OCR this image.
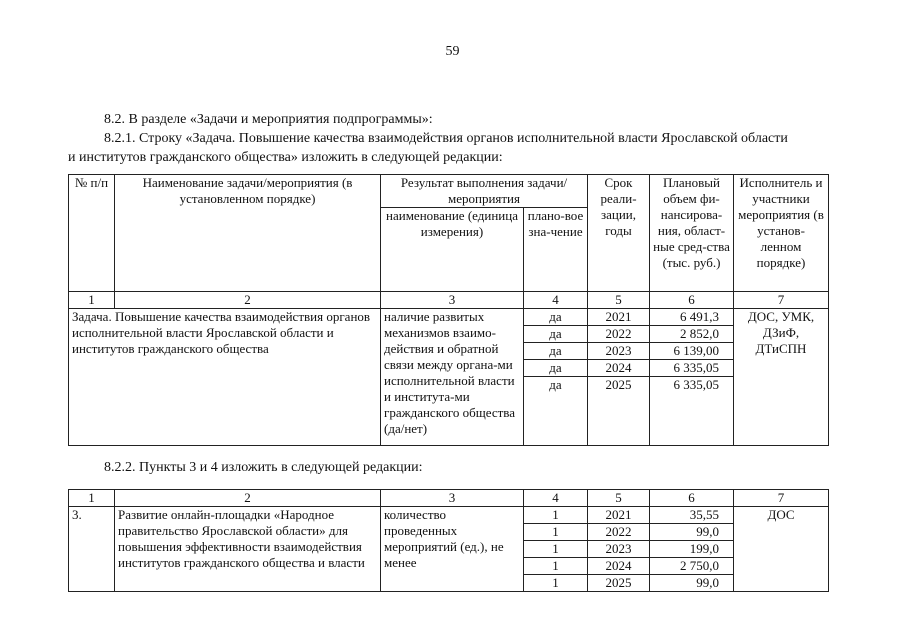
59
8.2. В разделе «Задачи и мероприятия подпрограммы»:
8.2.1. Строку «Задача. Повышение качества взаимодействия органов исполнительной власти Ярославской области
и институтов гражданского общества» изложить в следующей редакции:
№ п/п	Наименование задачи/мероприятия (в установленном порядке)	Результат выполнения задачи/мероприятия		Срок реали-зации, годы	Плановый объем фи-нансирова-ния, област-ные сред-ства (тыс. руб.)	Исполнитель и участники мероприятия (в установ-ленном порядке)
		наименование (единица измерения)	плано-вое зна-чение			
1	2	3	4	5	6	7
Задача. Повышение качества взаимодействия органов исполнительной власти Ярославской области и институтов гражданского общества		наличие развитых механизмов взаимо-действия и обратной связи между органа-ми исполнительной власти и института-ми гражданского общества (да/нет)	да	2021	6 491,3	ДОС, УМК, ДЗиФ, ДТиСПН
			да	2022	2 852,0	
			да	2023	6 139,00	
			да	2024	6 335,05	
			да	2025	6 335,05	

8.2.2. Пункты 3 и 4 изложить в следующей редакции:
1	2	3	4	5	6	7
3.	Развитие онлайн-площадки «Народное правительство Ярославской области» для повышения эффективности взаимодействия институтов гражданского общества и власти	количество проведенных мероприятий (ед.), не менее	1	2021	35,55	ДОС
			1	2022	99,0	
			1	2023	199,0	
			1	2024	2 750,0	
			1	2025	99,0	
